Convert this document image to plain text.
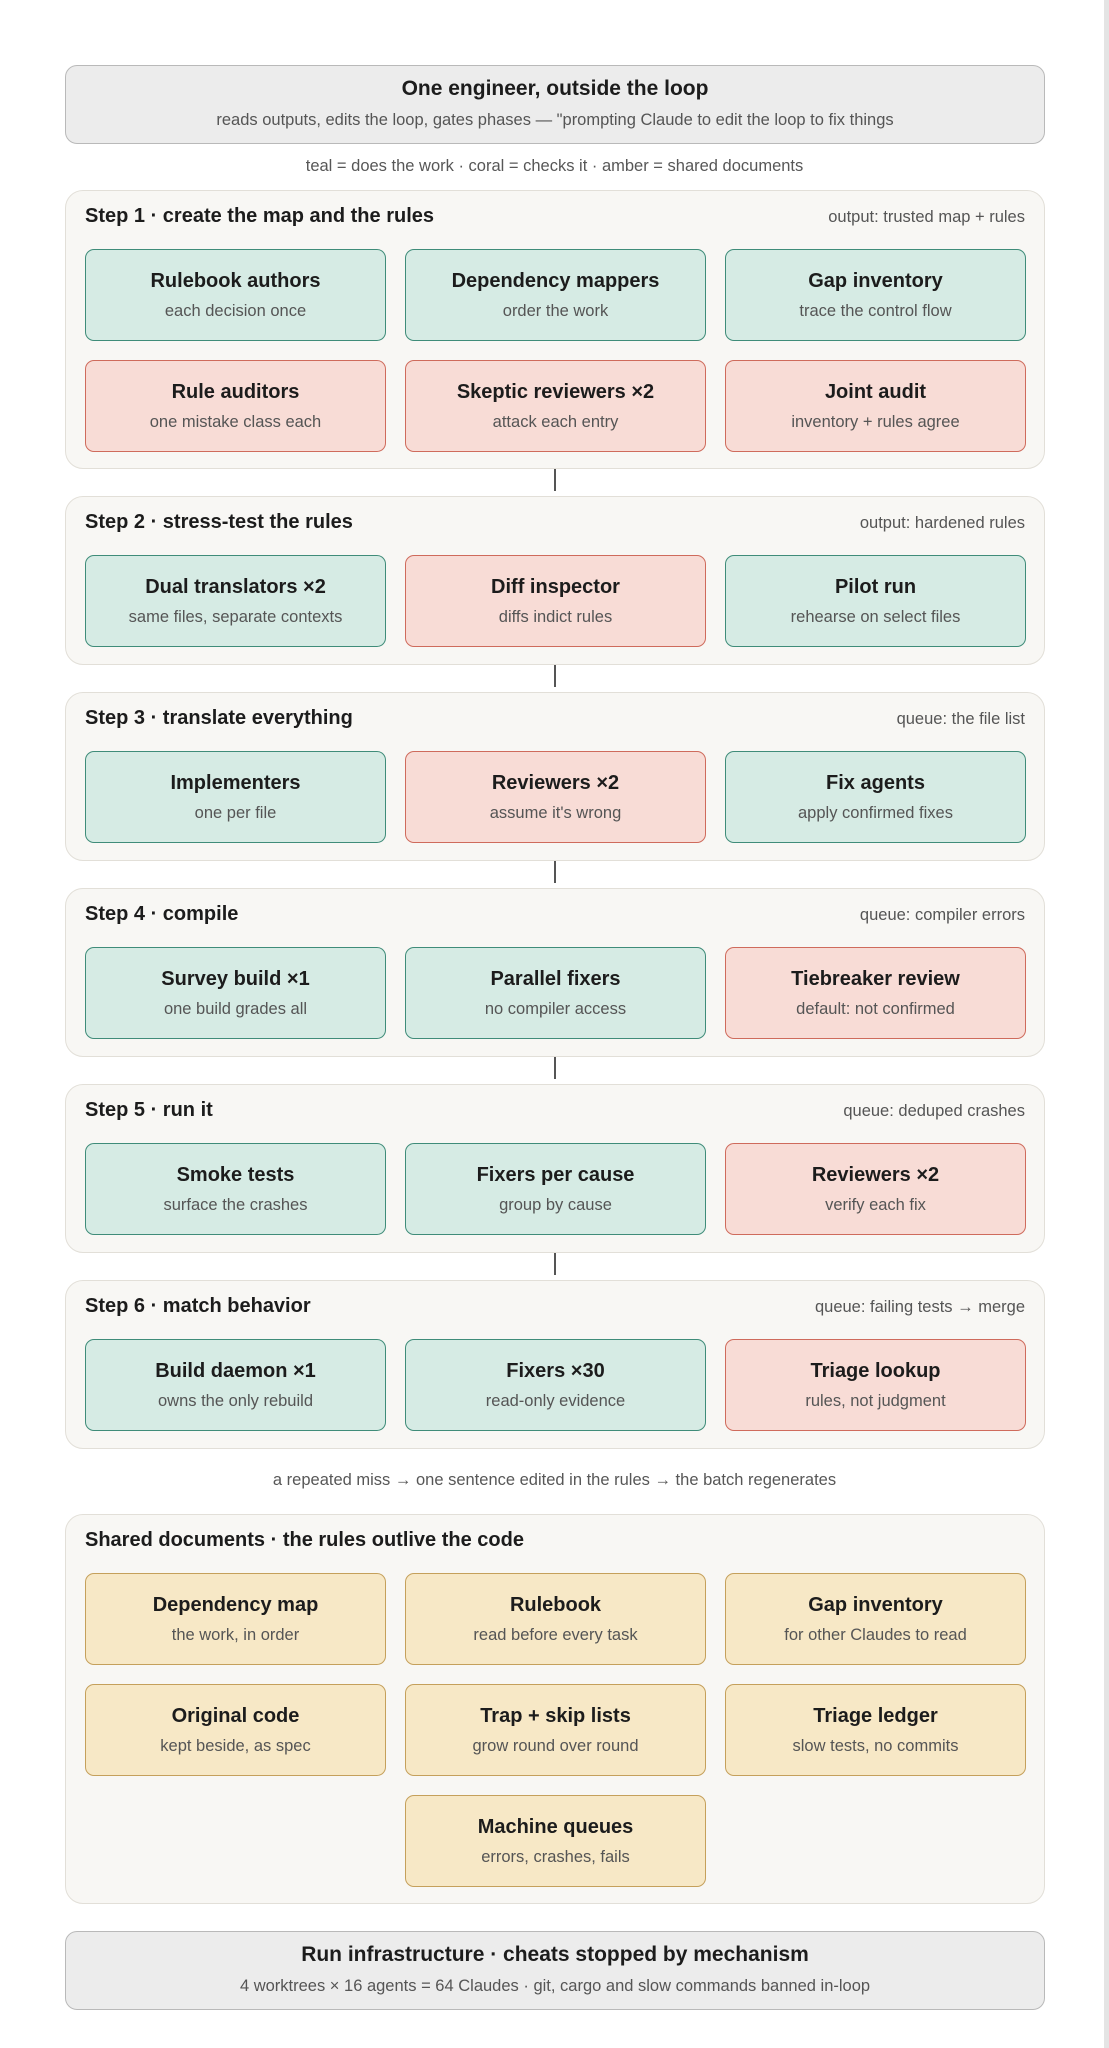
One engineer, outside the loop
reads outputs, edits the loop, gates phases — "prompting Claude to edit the loop to fix things
teal = does the work · coral = checks it · amber = shared documents
Step 1 · create the map and the rules	output: trusted map + rules
Rulebook authors
each decision once
Dependency mappers
order the work
Gap inventory
trace the control flow
Rule auditors
one mistake class each
Skeptic reviewers ×2
attack each entry
Joint audit
inventory + rules agree
Step 2 · stress-test the rules	output: hardened rules
Dual translators ×2
same files, separate contexts
Diff inspector
diffs indict rules
Pilot run
rehearse on select files
Step 3 · translate everything	queue: the file list
Implementers
one per file
Reviewers ×2
assume it's wrong
Fix agents
apply confirmed fixes
Step 4 · compile	queue: compiler errors
Survey build ×1
one build grades all
Parallel fixers
no compiler access
Tiebreaker review
default: not confirmed
Step 5 · run it	queue: deduped crashes
Smoke tests
surface the crashes
Fixers per cause
group by cause
Reviewers ×2
verify each fix
Step 6 · match behavior	queue: failing tests → merge
Build daemon ×1
owns the only rebuild
Fixers ×30
read-only evidence
Triage lookup
rules, not judgment
a repeated miss → one sentence edited in the rules → the batch regenerates
Shared documents · the rules outlive the code
Dependency map
the work, in order
Rulebook
read before every task
Gap inventory
for other Claudes to read
Original code
kept beside, as spec
Trap + skip lists
grow round over round
Triage ledger
slow tests, no commits
Machine queues
errors, crashes, fails
Run infrastructure · cheats stopped by mechanism
4 worktrees × 16 agents = 64 Claudes · git, cargo and slow commands banned in-loop
